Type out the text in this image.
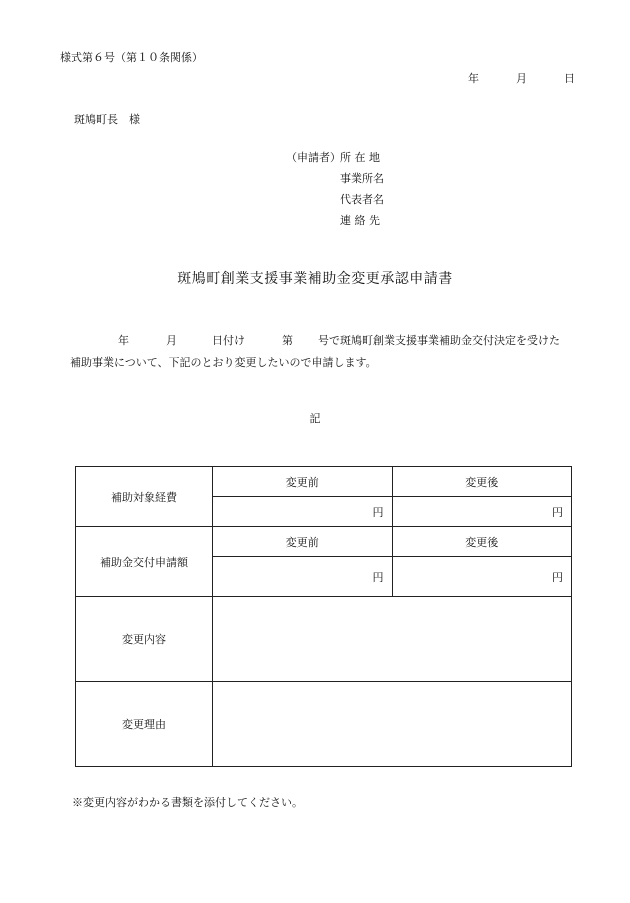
様式第６号（第１０条関係）
年	月	日
斑鳩町長　様
（申請者）所 在 地
事業所名
代表者名
連 絡 先
斑鳩町創業支援事業補助金変更承認申請書
年	月	日付け	第 号で斑鳩町創業支援事業補助金交付決定を受けた
補助事業について、下記のとおり変更したいので申請します。
記
補助対象経費	変更前	変更後
	円	円
補助金交付申請額	変更前	変更後
	円	円
変更内容		
変更理由		
※変更内容がわかる書類を添付してください。
